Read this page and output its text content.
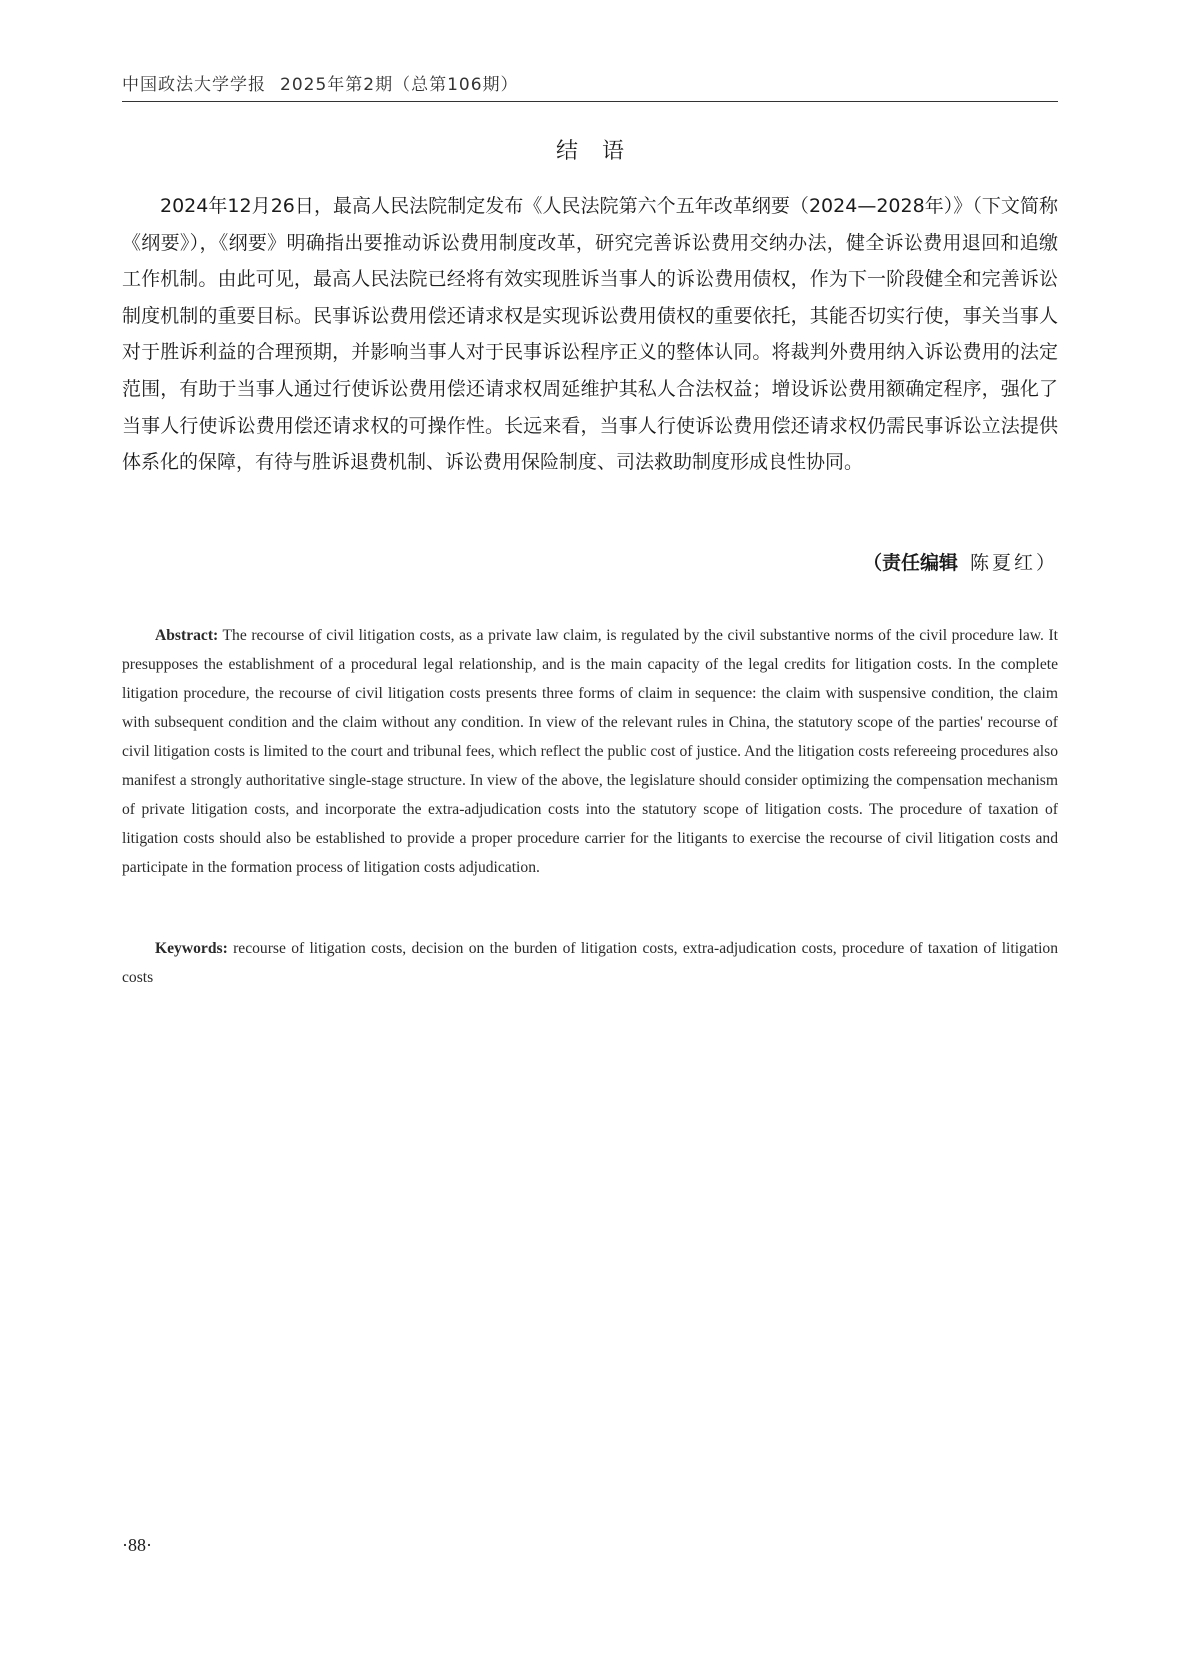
中国政法大学学报 2025年第2期（总第106期）
结语

2024年12月26日，最高人民法院制定发布《人民法院第六个五年改革纲要（2024—2028年）》（下文简称《纲要》），《纲要》明确指出要推动诉讼费用制度改革，研究完善诉讼费用交纳办法，健全诉讼费用退回和追缴工作机制。由此可见，最高人民法院已经将有效实现胜诉当事人的诉讼费用债权，作为下一阶段健全和完善诉讼制度机制的重要目标。民事诉讼费用偿还请求权是实现诉讼费用债权的重要依托，其能否切实行使，事关当事人对于胜诉利益的合理预期，并影响当事人对于民事诉讼程序正义的整体认同。将裁判外费用纳入诉讼费用的法定范围，有助于当事人通过行使诉讼费用偿还请求权周延维护其私人合法权益；增设诉讼费用额确定程序，强化了当事人行使诉讼费用偿还请求权的可操作性。长远来看，当事人行使诉讼费用偿还请求权仍需民事诉讼立法提供体系化的保障，有待与胜诉退费机制、诉讼费用保险制度、司法救助制度形成良性协同。

（责任编辑 陈夏红）

Abstract: The recourse of civil litigation costs, as a private law claim, is regulated by the civil substantive norms of the civil procedure law. It presupposes the establishment of a procedural legal relationship, and is the main capacity of the legal credits for litigation costs. In the complete litigation procedure, the recourse of civil litigation costs presents three forms of claim in sequence: the claim with suspensive condition, the claim with subsequent condition and the claim without any condition. In view of the relevant rules in China, the statutory scope of the parties' recourse of civil litigation costs is limited to the court and tribunal fees, which reflect the public cost of justice. And the litigation costs refereeing procedures also manifest a strongly authoritative single-stage structure. In view of the above, the legislature should consider optimizing the compensation mechanism of private litigation costs, and incorporate the extra-adjudication costs into the statutory scope of litigation costs. The procedure of taxation of litigation costs should also be established to provide a proper procedure carrier for the litigants to exercise the recourse of civil litigation costs and participate in the formation process of litigation costs adjudication.

Keywords: recourse of litigation costs, decision on the burden of litigation costs, extra-adjudication costs, procedure of taxation of litigation costs

·88·
